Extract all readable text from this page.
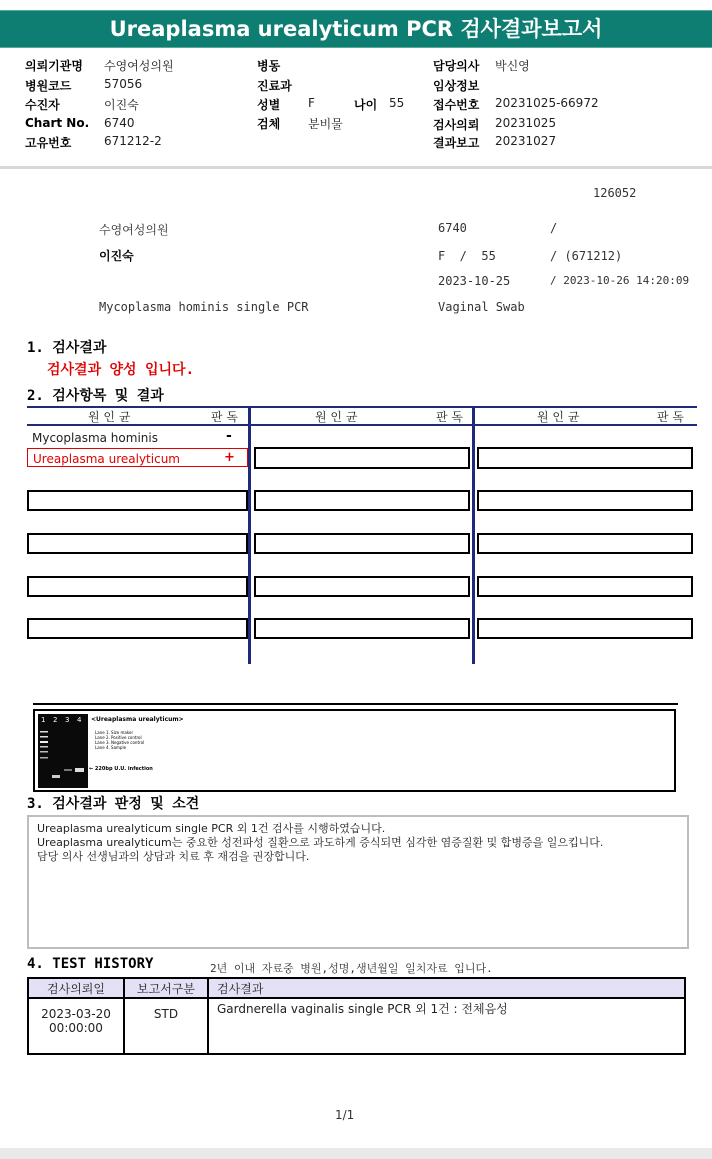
Ureaplasma urealyticum PCR 검사결과보고서
의뢰기관명 수영여성의원
병원코드	57056
수진자	이진숙
Chart No. 6740
고유번호	671212-2
병동
진료과
성별 F	나이 55
검체 분비물
담당의사 박신영
임상정보
접수번호 20231025-66972
검사의뢰 20231025
결과보고 20231027
126052
수영여성의원	6740	/
이진숙	F  /  55	/ (671212)
2023-10-25	/ 2023-10-26 14:20:09
Mycoplasma hominis single PCR	Vaginal Swab
1. 검사결과
검사결과 양성 입니다.
2. 검사항목 및 결과
원 인 균	판 독	원 인 균	판 독	원 인 균	판 독
Mycoplasma hominis	-
Ureaplasma urealyticum	+
1 2 3 4 <Ureaplasma urealyticum>
Lane 1. Size maker
Lane 2. Positive control
Lane 3. Negative control
Lane 4. Sample
← 220bp U.U. infection
3. 검사결과 판정 및 소견
Ureaplasma urealyticum single PCR 외 1건 검사를 시행하였습니다.
Ureaplasma urealyticum는 중요한 성전파성 질환으로 과도하게 증식되면 심각한 염증질환 및 합병증을 일으킵니다.
담당 의사 선생님과의 상담과 치료 후 재검을 권장합니다.
4. TEST HISTORY	2년 이내 자료중 병원,성명,생년월일 일치자료 입니다.
검사의뢰일	보고서구분	검사결과

2023-03-20
00:00:00	STD	Gardnerella vaginalis single PCR 외 1건 : 전체음성
1/1
